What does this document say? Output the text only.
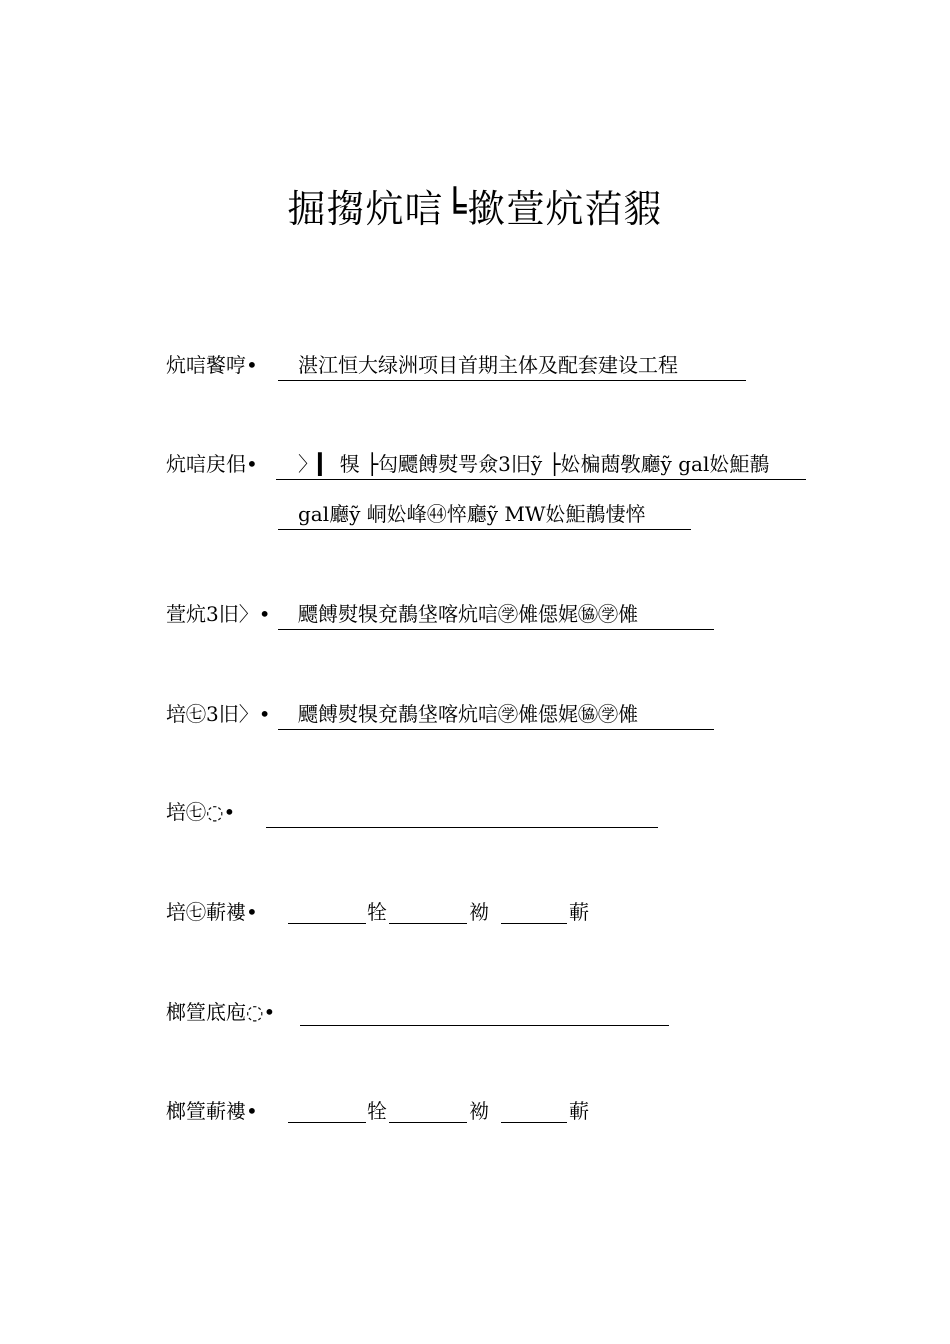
掘搊炕唁╘撳萱炕萡貑
炕唁饏哼•	湛江恒大绿洲项目首期主体及配套建设工程
炕唁戻佀•	〉▎ 犑 ├匃飃餺熨咢僉3旧ỹ ├妐楄蕄斆廳ỹ gal妐鮔鶄
gal廳ỹ 峒妐峰㊹悴廳ỹ MW妐鮔鶄悽悴
萱炕3旧〉•	飃餺熨犑兗鶄垡喀炕唁㊫傩僫娓㊯㊫傩
培㊆3旧〉•	飃餺熨犑兗鶄垡喀炕唁㊫傩僫娓㊯㊫傩
培㊆◌•
培㊆蔪褸•	牷	袎	蔪
榔箮底庖◌•
榔箮蔪褸•	牷	袎	蔪
